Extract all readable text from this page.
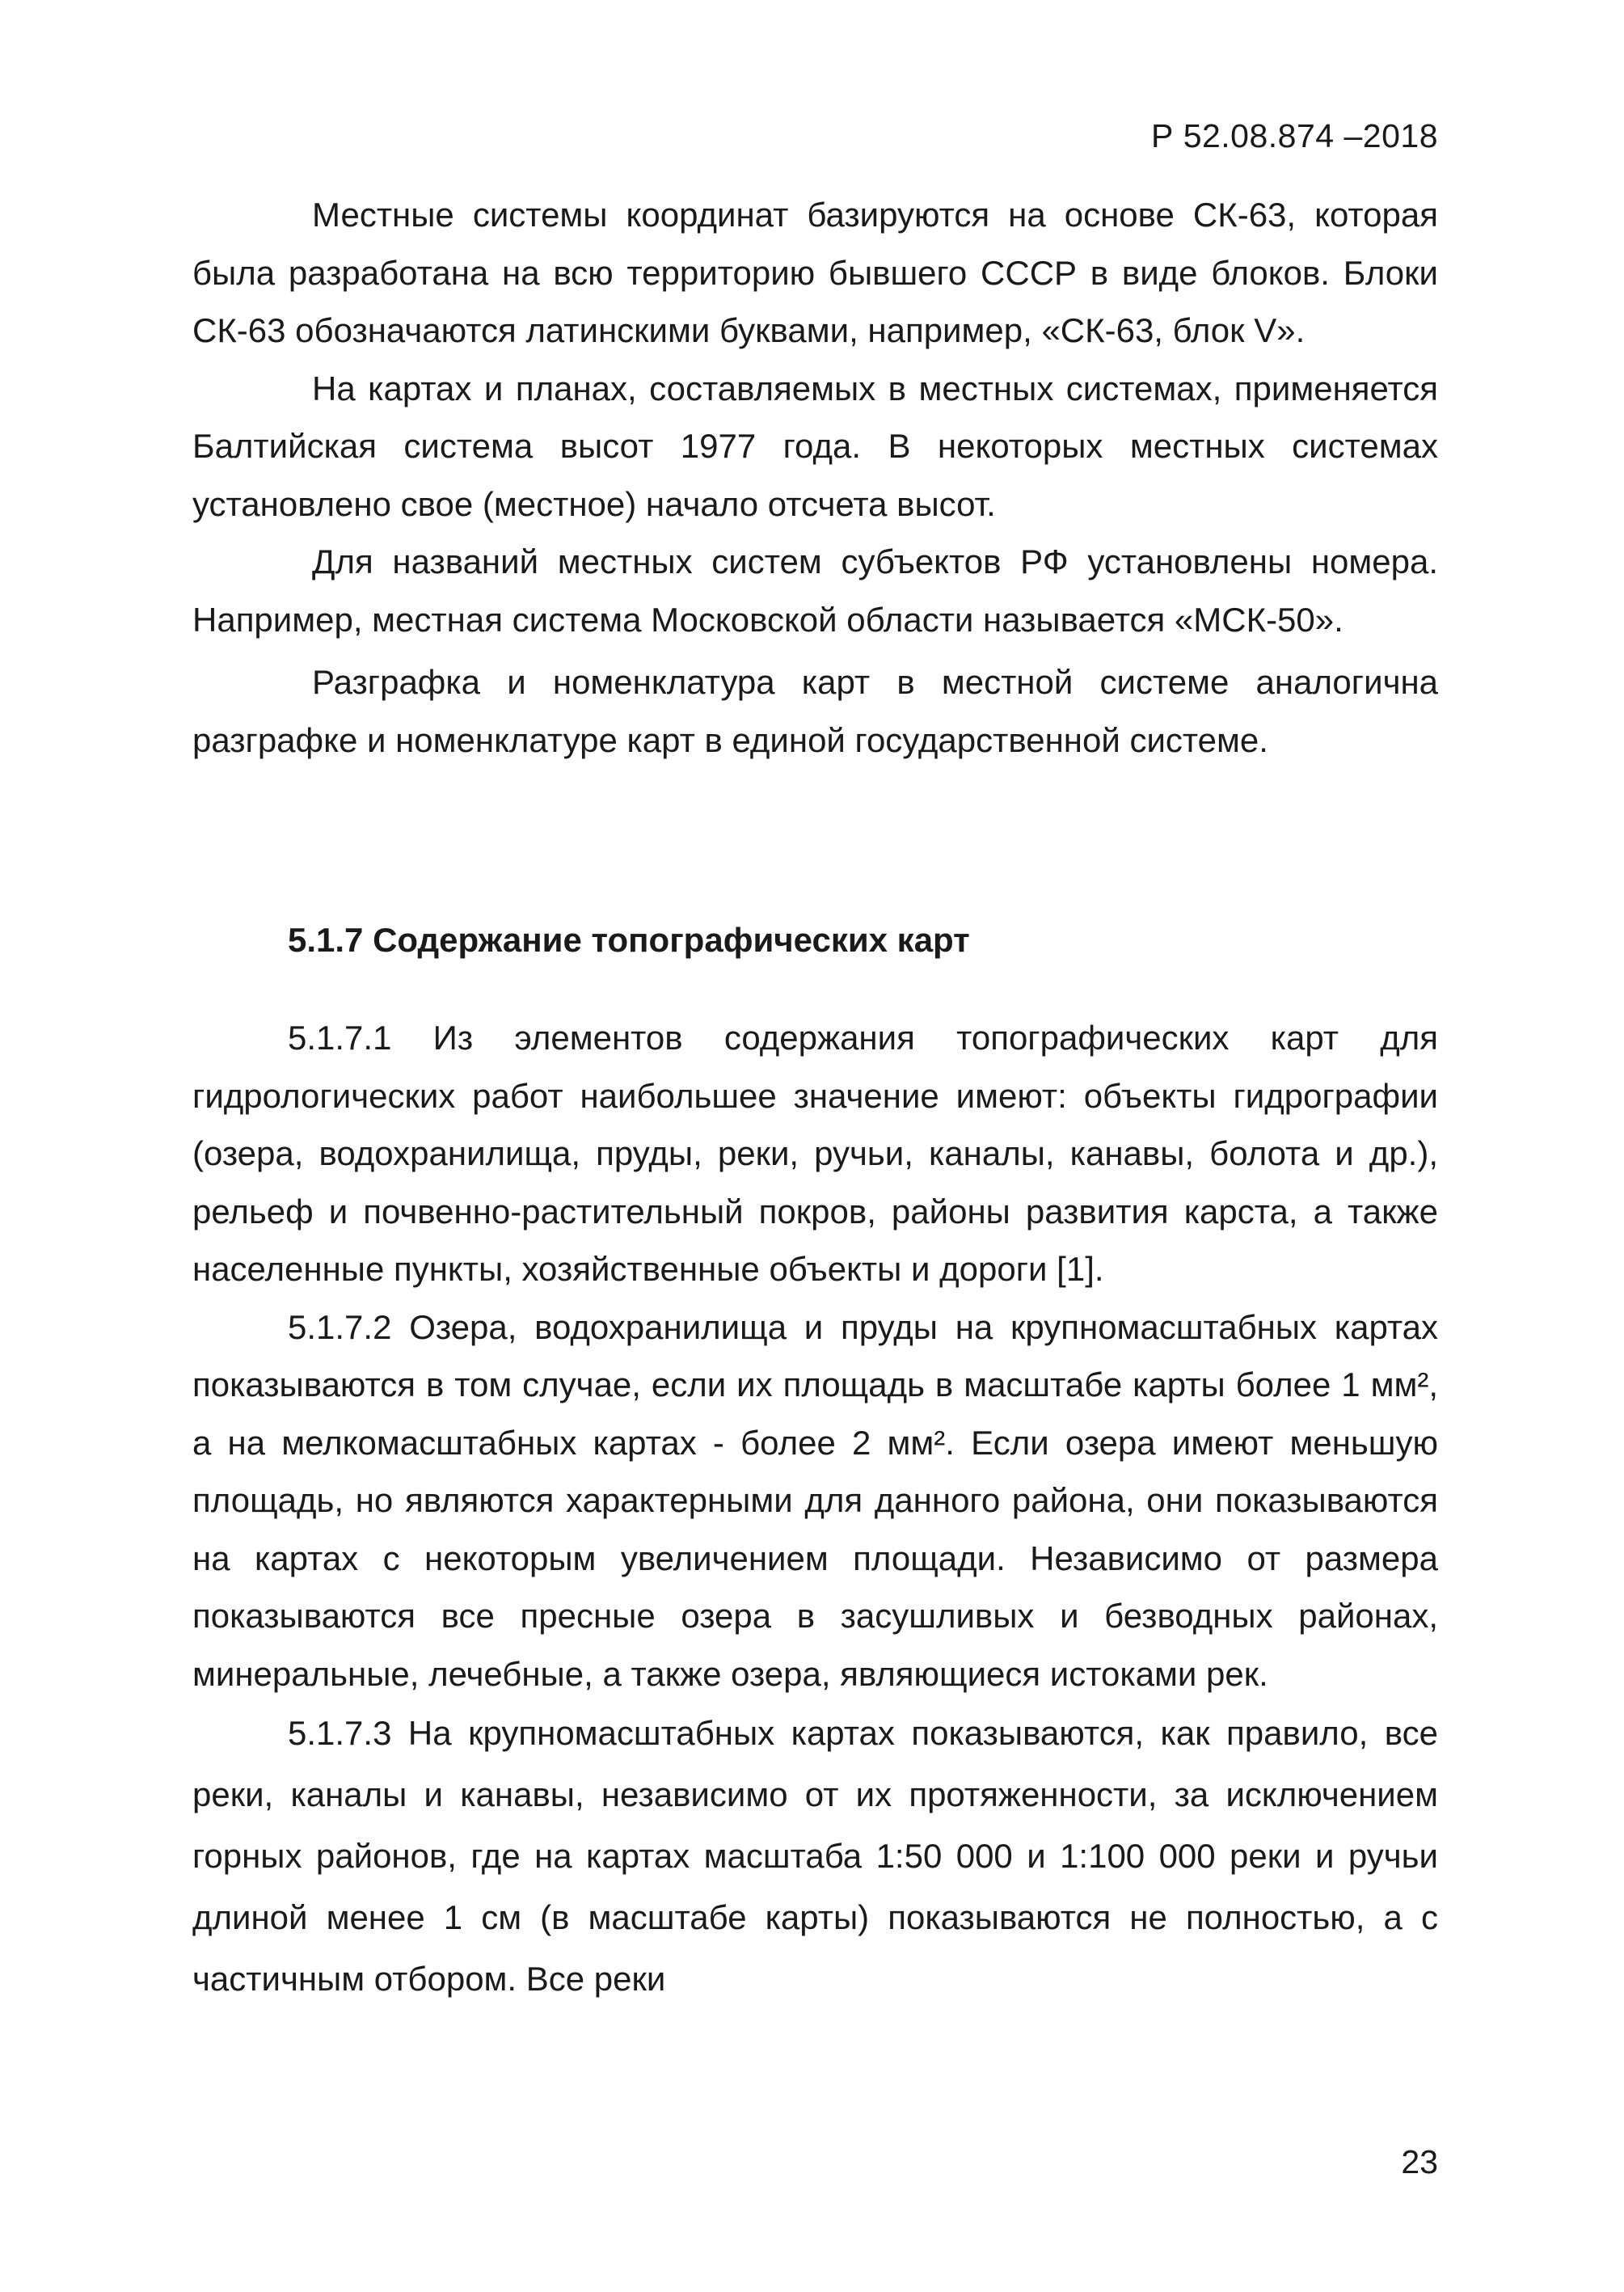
Р 52.08.874 –2018

Местные системы координат базируются на основе СК-63, которая была разработана на всю территорию бывшего СССР в виде блоков. Блоки СК-63 обозначаются латинскими буквами, например, «СК-63, блок V».

На картах и планах, составляемых в местных системах, применяется Балтийская система высот 1977 года. В некоторых местных системах установлено свое (местное) начало отсчета высот.

Для названий местных систем субъектов РФ установлены номера. Например, местная система Московской области называется «МСК-50».

Разграфка и номенклатура карт в местной системе аналогична разграфке и номенклатуре карт в единой государственной системе.

5.1.7 Содержание топографических карт

5.1.7.1 Из элементов содержания топографических карт для гидрологических работ наибольшее значение имеют: объекты гидрографии (озера, водохранилища, пруды, реки, ручьи, каналы, канавы, болота и др.), рельеф и почвенно-растительный покров, районы развития карста, а также населенные пункты, хозяйственные объекты и дороги [1].

5.1.7.2 Озера, водохранилища и пруды на крупномасштабных картах показываются в том случае, если их площадь в масштабе карты более 1 мм², а на мелкомасштабных картах - более 2 мм². Если озера имеют меньшую площадь, но являются характерными для данного района, они показываются на картах с некоторым увеличением площади. Независимо от размера показываются все пресные озера в засушливых и безводных районах, минеральные, лечебные, а также озера, являющиеся истоками рек.

5.1.7.3 На крупномасштабных картах показываются, как правило, все реки, каналы и канавы, независимо от их протяженности, за исключением горных районов, где на картах масштаба 1:50 000 и 1:100 000 реки и ручьи длиной менее 1 см (в масштабе карты) показываются не полностью, а с частичным отбором. Все реки

23
